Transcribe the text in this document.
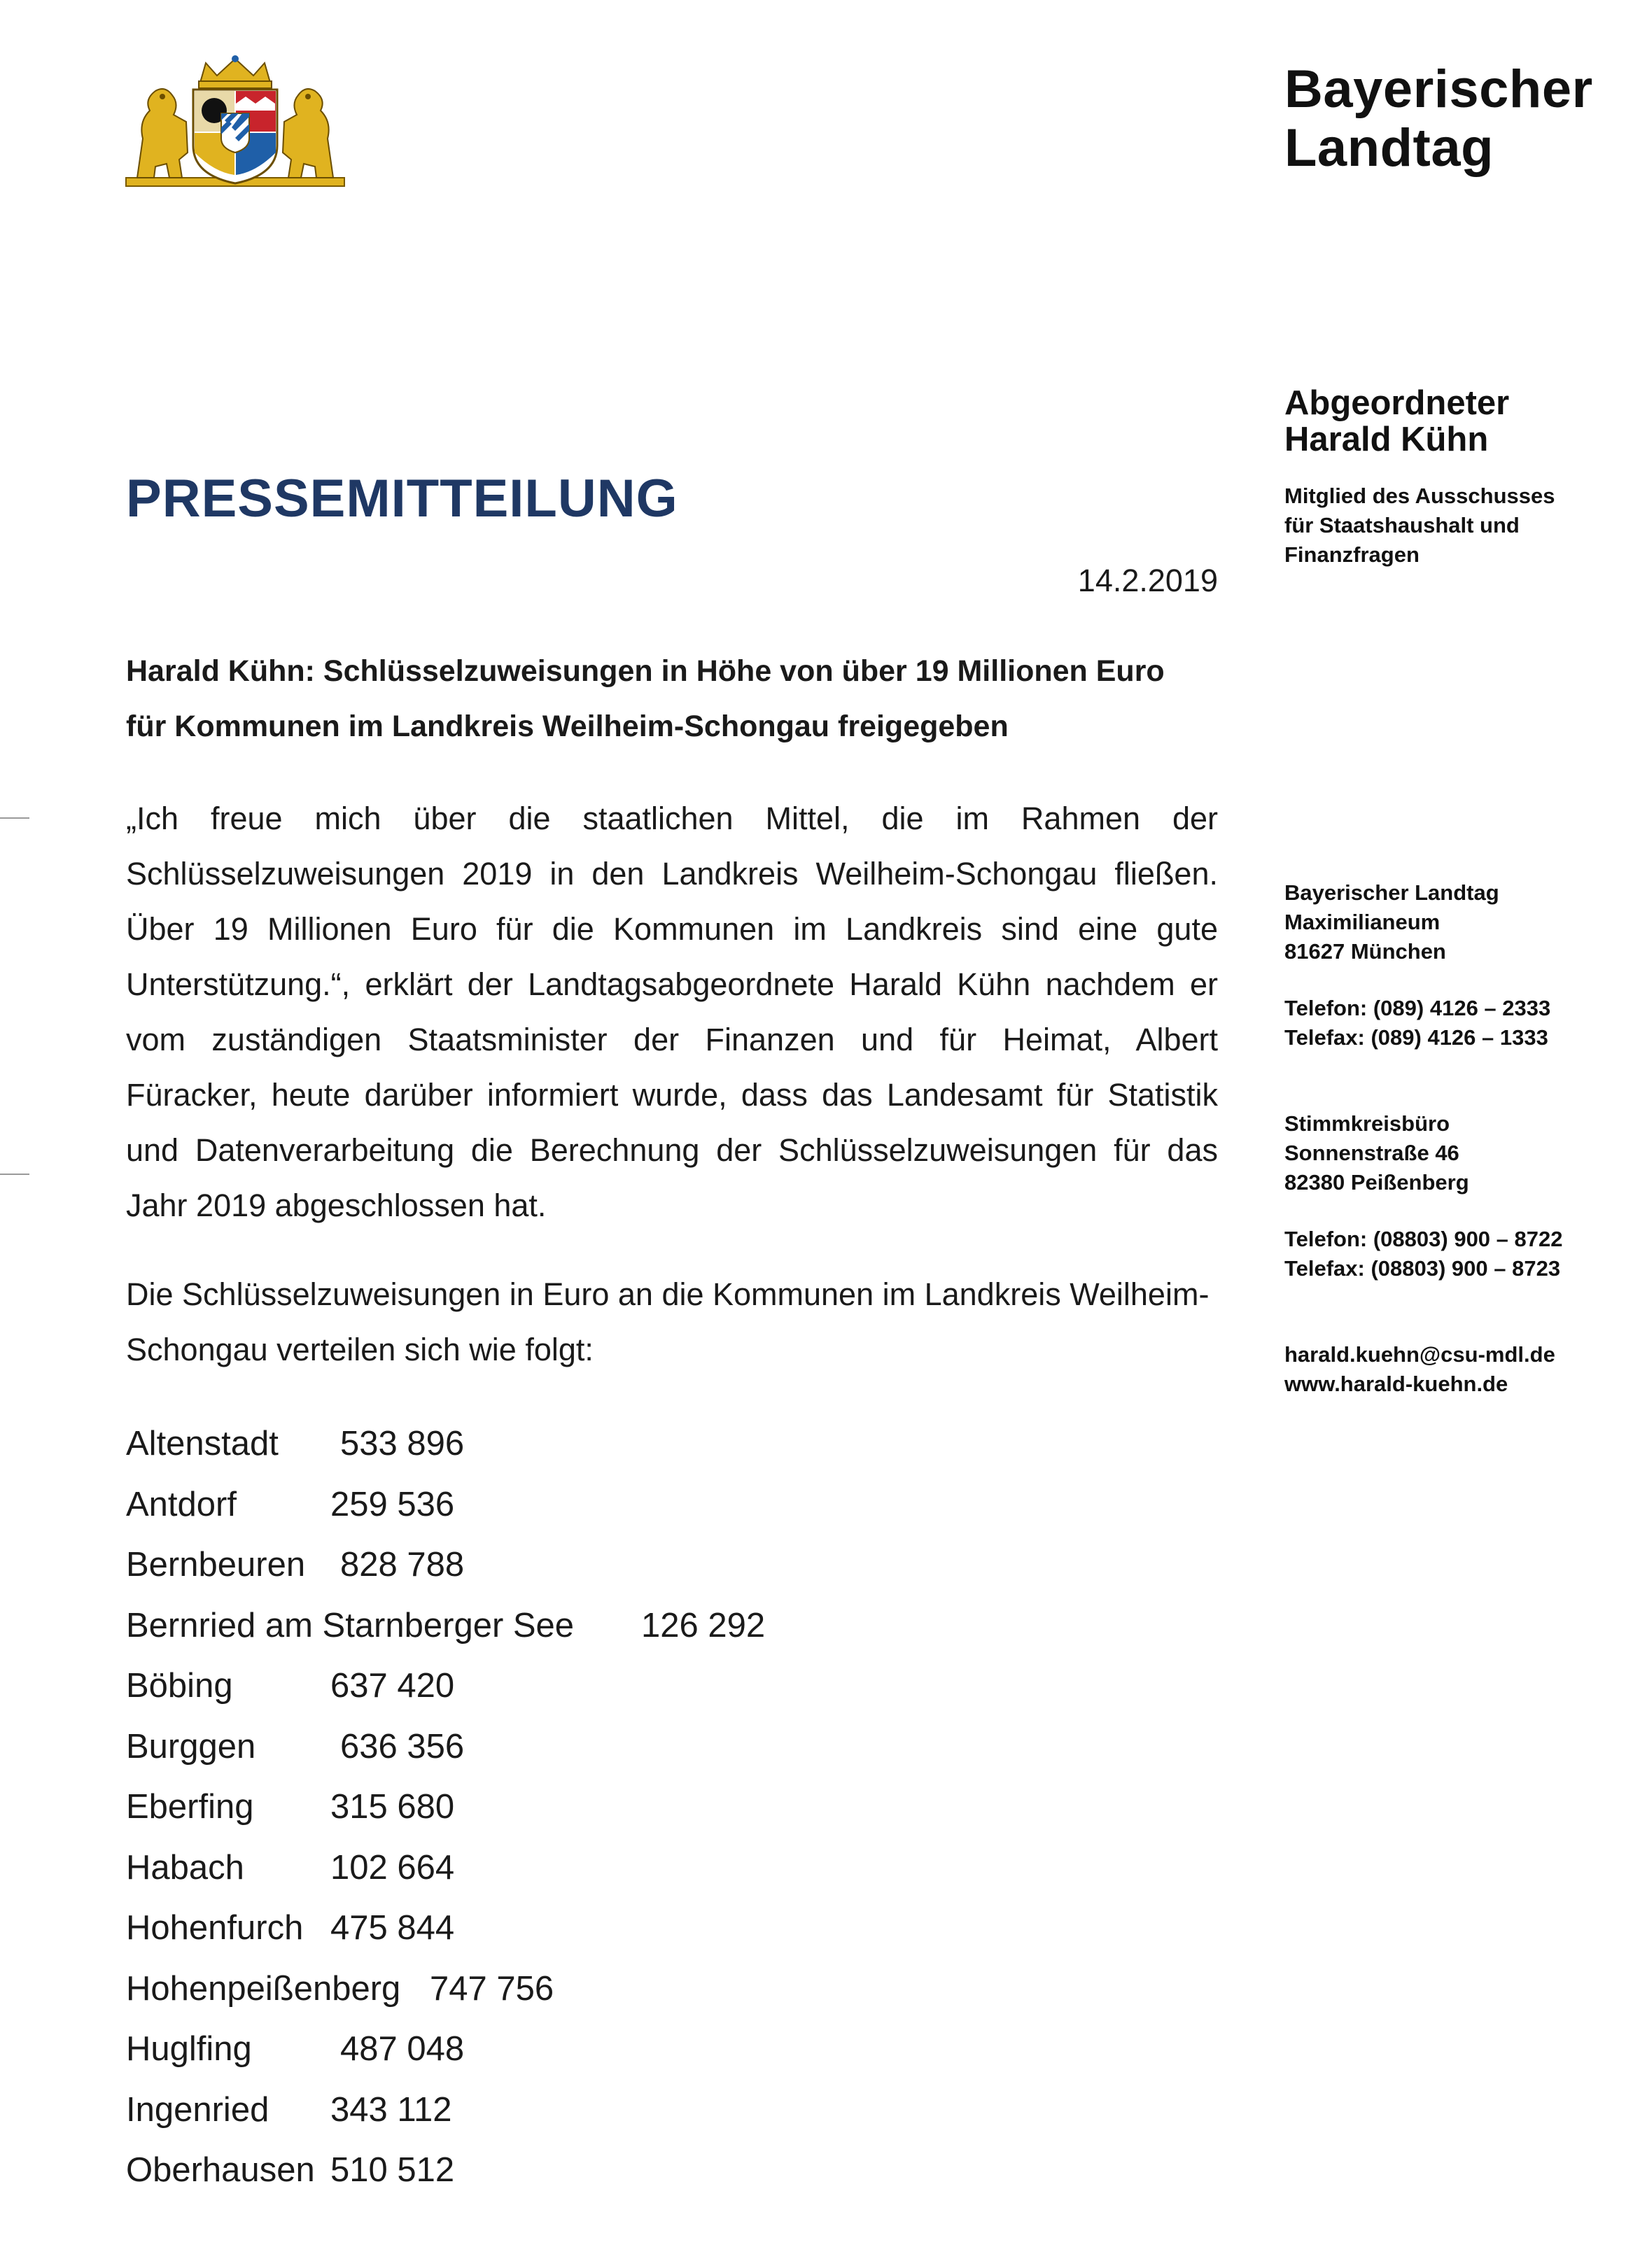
Bayerischer
Landtag
Abgeordneter
Harald Kühn
Mitglied des Ausschusses
für Staatshaushalt und
Finanzfragen
Bayerischer Landtag
Maximilianeum
81627 München
Telefon: (089) 4126 – 2333
Telefax: (089) 4126 – 1333
Stimmkreisbüro
Sonnenstraße 46
82380 Peißenberg
Telefon: (08803) 900 – 8722
Telefax: (08803) 900 – 8723
harald.kuehn@csu-mdl.de
www.harald-kuehn.de
PRESSEMITTEILUNG
14.2.2019
Harald Kühn: Schlüsselzuweisungen in Höhe von über 19 Millionen Euro
für Kommunen im Landkreis Weilheim-Schongau freigegeben
„Ich freue mich über die staatlichen Mittel, die im Rahmen der Schlüsselzuweisungen 2019 in den Landkreis Weilheim-Schongau fließen. Über 19 Millionen Euro für die Kommunen im Landkreis sind eine gute Unterstützung.“, erklärt der Landtagsabgeordnete Harald Kühn nachdem er vom zuständigen Staatsminister der Finanzen und für Heimat, Albert Füracker, heute darüber informiert wurde, dass das Landesamt für Statistik und Datenverarbeitung die Berechnung der Schlüsselzuweisungen für das Jahr 2019 abgeschlossen hat.
Die Schlüsselzuweisungen in Euro an die Kommunen im Landkreis Weilheim-
Schongau verteilen sich wie folgt:
Altenstadt 533 896
Antdorf	259 536
Bernbeuren 828 788
Bernried am Starnberger See 126 292
Böbing	637 420
Burggen 636 356
Eberfing 315 680
Habach	102 664
Hohenfurch 475 844
Hohenpeißenberg 747 756
Huglfing	487 048
Ingenried 343 112
Oberhausen 510 512
